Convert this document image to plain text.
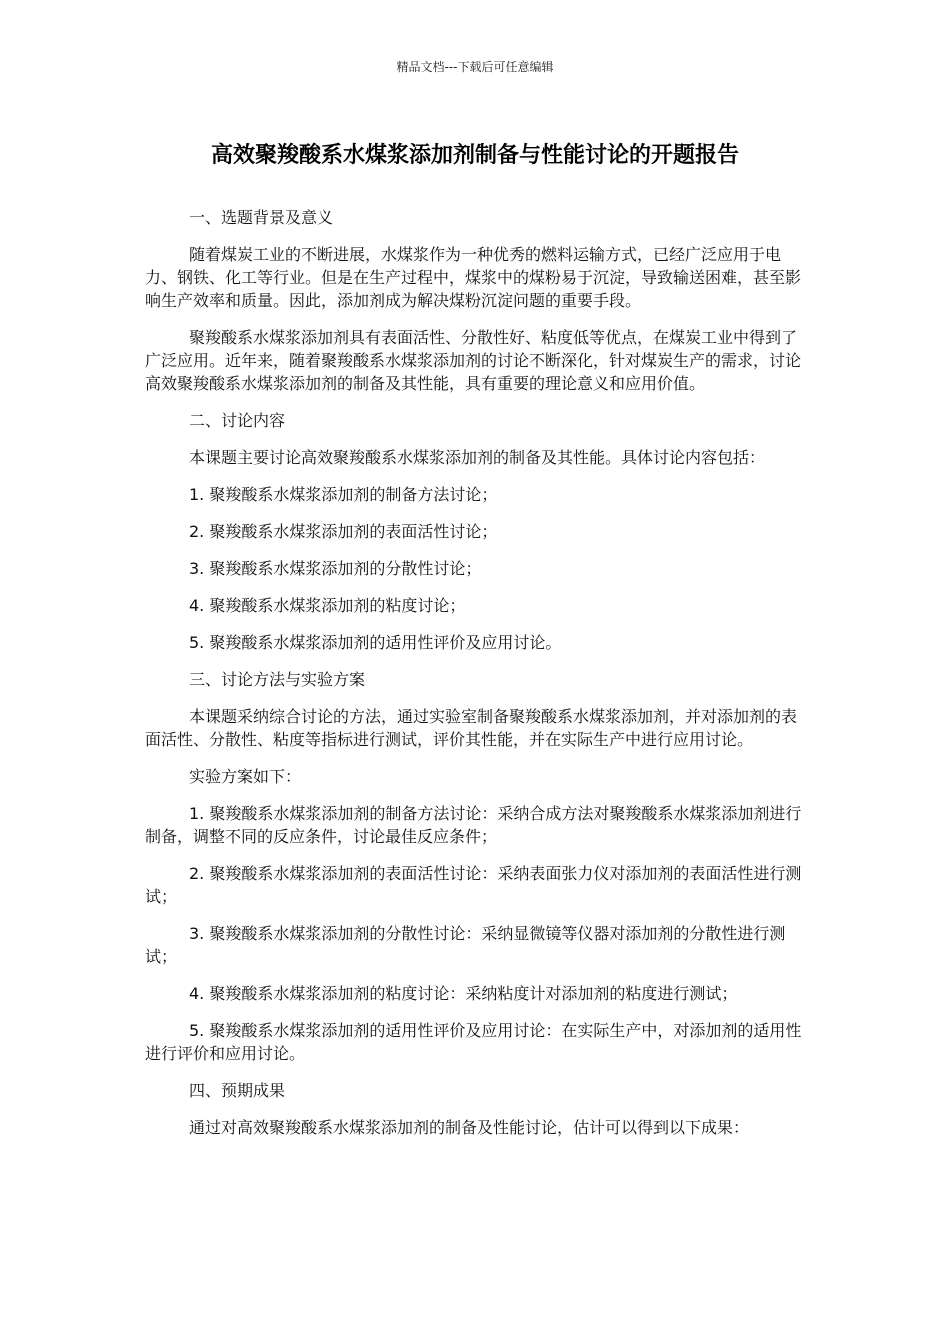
精品文档---下载后可任意编辑
高效聚羧酸系水煤浆添加剂制备与性能讨论的开题报告

一、选题背景及意义

随着煤炭工业的不断进展，水煤浆作为一种优秀的燃料运输方式，已经广泛应用于电力、钢铁、化工等行业。但是在生产过程中，煤浆中的煤粉易于沉淀，导致输送困难，甚至影响生产效率和质量。因此，添加剂成为解决煤粉沉淀问题的重要手段。

聚羧酸系水煤浆添加剂具有表面活性、分散性好、粘度低等优点，在煤炭工业中得到了广泛应用。近年来，随着聚羧酸系水煤浆添加剂的讨论不断深化，针对煤炭生产的需求，讨论高效聚羧酸系水煤浆添加剂的制备及其性能，具有重要的理论意义和应用价值。

二、讨论内容

本课题主要讨论高效聚羧酸系水煤浆添加剂的制备及其性能。具体讨论内容包括：

1. 聚羧酸系水煤浆添加剂的制备方法讨论；

2. 聚羧酸系水煤浆添加剂的表面活性讨论；

3. 聚羧酸系水煤浆添加剂的分散性讨论；

4. 聚羧酸系水煤浆添加剂的粘度讨论；

5. 聚羧酸系水煤浆添加剂的适用性评价及应用讨论。

三、讨论方法与实验方案

本课题采纳综合讨论的方法，通过实验室制备聚羧酸系水煤浆添加剂，并对添加剂的表面活性、分散性、粘度等指标进行测试，评价其性能，并在实际生产中进行应用讨论。

实验方案如下：

1. 聚羧酸系水煤浆添加剂的制备方法讨论：采纳合成方法对聚羧酸系水煤浆添加剂进行制备，调整不同的反应条件，讨论最佳反应条件；

2. 聚羧酸系水煤浆添加剂的表面活性讨论：采纳表面张力仪对添加剂的表面活性进行测试；

3. 聚羧酸系水煤浆添加剂的分散性讨论：采纳显微镜等仪器对添加剂的分散性进行测试；

4. 聚羧酸系水煤浆添加剂的粘度讨论：采纳粘度计对添加剂的粘度进行测试；

5. 聚羧酸系水煤浆添加剂的适用性评价及应用讨论：在实际生产中，对添加剂的适用性进行评价和应用讨论。

四、预期成果

通过对高效聚羧酸系水煤浆添加剂的制备及性能讨论，估计可以得到以下成果：
